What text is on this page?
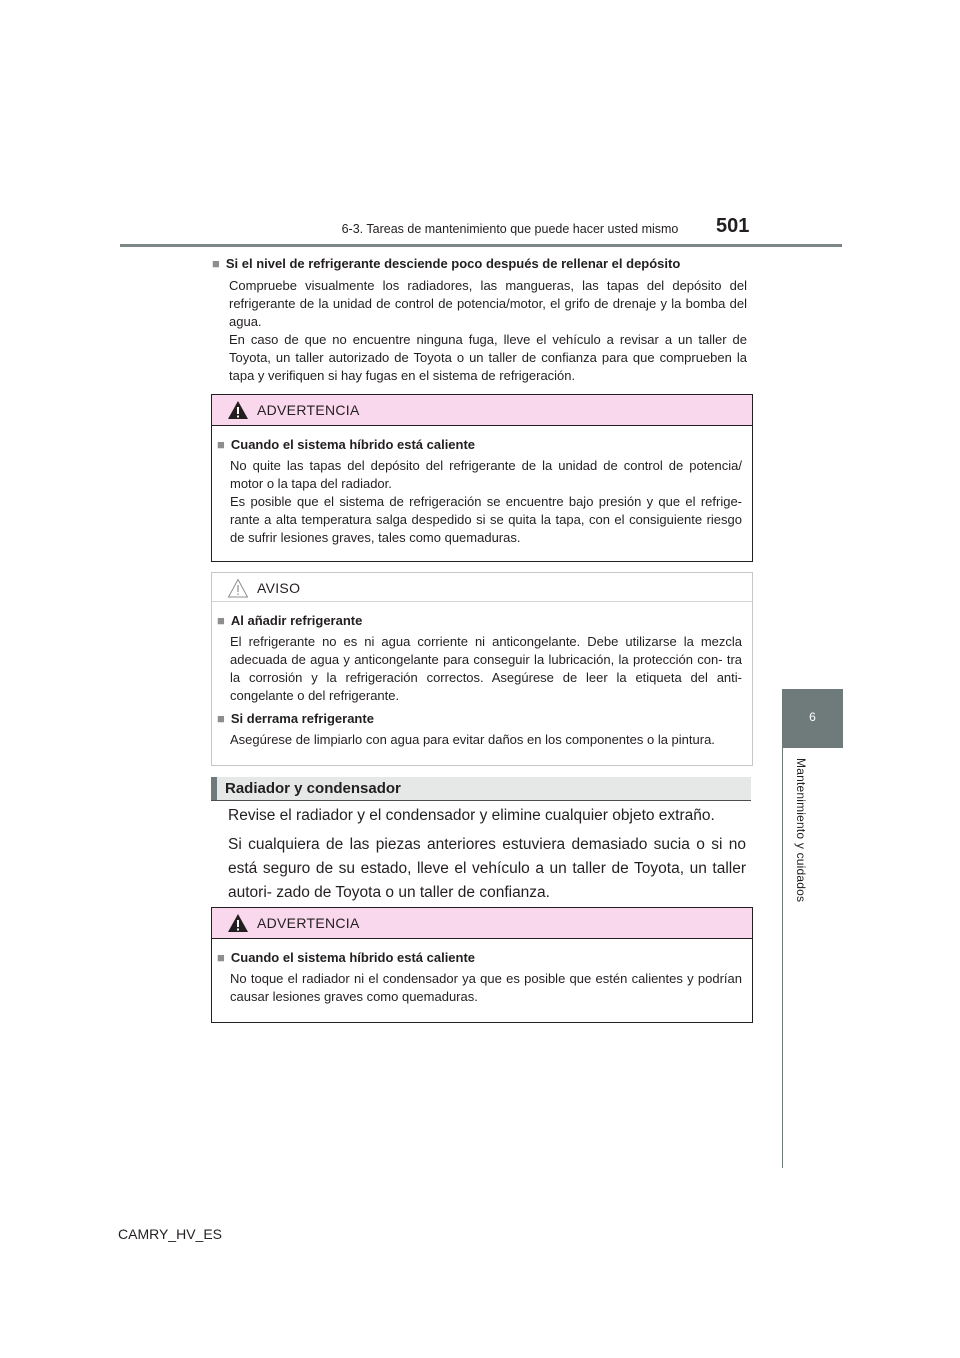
6-3. Tareas de mantenimiento que puede hacer usted mismo	501
6
Mantenimiento y cuidados
■ Si el nivel de refrigerante desciende poco después de rellenar el depósito
Compruebe visualmente los radiadores, las mangueras, las tapas del depósito del refrigerante de la unidad de control de potencia/motor, el grifo de drenaje y la bomba del agua.
En caso de que no encuentre ninguna fuga, lleve el vehículo a revisar a un taller de Toyota, un taller autorizado de Toyota o un taller de confianza para que comprueben la tapa y verifiquen si hay fugas en el sistema de refrigeración.
ADVERTENCIA
■ Cuando el sistema híbrido está caliente
No quite las tapas del depósito del refrigerante de la unidad de control de potencia/ motor o la tapa del radiador.
Es posible que el sistema de refrigeración se encuentre bajo presión y que el refrige- rante a alta temperatura salga despedido si se quita la tapa, con el consiguiente riesgo de sufrir lesiones graves, tales como quemaduras.
AVISO
■ Al añadir refrigerante
El refrigerante no es ni agua corriente ni anticongelante. Debe utilizarse la mezcla adecuada de agua y anticongelante para conseguir la lubricación, la protección con- tra la corrosión y la refrigeración correctos. Asegúrese de leer la etiqueta del anti- congelante o del refrigerante.
■ Si derrama refrigerante
Asegúrese de limpiarlo con agua para evitar daños en los componentes o la pintura.
Radiador y condensador
Revise el radiador y el condensador y elimine cualquier objeto extraño.
Si cualquiera de las piezas anteriores estuviera demasiado sucia o si no está seguro de su estado, lleve el vehículo a un taller de Toyota, un taller autori- zado de Toyota o un taller de confianza.
ADVERTENCIA
■ Cuando el sistema híbrido está caliente
No toque el radiador ni el condensador ya que es posible que estén calientes y podrían causar lesiones graves como quemaduras.
CAMRY_HV_ES
